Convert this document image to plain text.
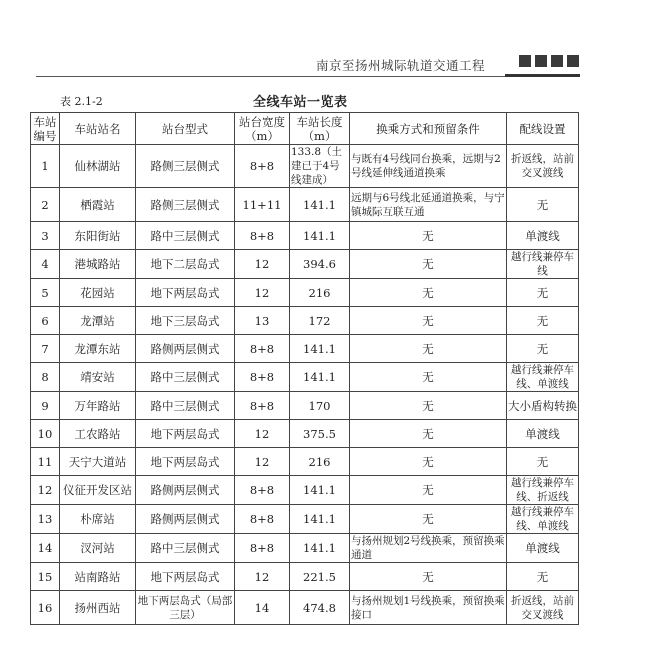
南京至扬州城际轨道交通工程
表 2.1-2	全线车站一览表
车站编号	车站站名	站台型式	站台宽度（m）	车站长度（m）	换乘方式和预留条件	配线设置
1	仙林湖站	路侧三层侧式	8+8	133.8（土建已于4号线建成）	与既有4号线同台换乘，远期与2号线延伸线通道换乘	折返线，站前交叉渡线
2	栖霞站	路侧三层侧式	11+11	141.1	远期与6号线北延通道换乘，与宁镇城际互联互通	无
3	东阳街站	路中三层侧式	8+8	141.1	无	单渡线
4	港城路站	地下二层岛式	12	394.6	无	越行线兼停车线
5	花园站	地下两层岛式	12	216	无	无
6	龙潭站	地下三层岛式	13	172	无	无
7	龙潭东站	路侧两层侧式	8+8	141.1	无	无
8	靖安站	路中三层侧式	8+8	141.1	无	越行线兼停车线、单渡线
9	万年路站	路中三层侧式	8+8	170	无	大小盾构转换
10	工农路站	地下两层岛式	12	375.5	无	单渡线
11	天宁大道站	地下两层岛式	12	216	无	无
12	仪征开发区站	路侧两层侧式	8+8	141.1	无	越行线兼停车线、折返线
13	朴席站	路侧两层侧式	8+8	141.1	无	越行线兼停车线、单渡线
14	汊河站	路中三层侧式	8+8	141.1	与扬州规划2号线换乘，预留换乘通道	单渡线
15	站南路站	地下两层岛式	12	221.5	无	无
16	扬州西站	地下两层岛式（局部三层）	14	474.8	与扬州规划1号线换乘，预留换乘接口	折返线，站前交叉渡线
